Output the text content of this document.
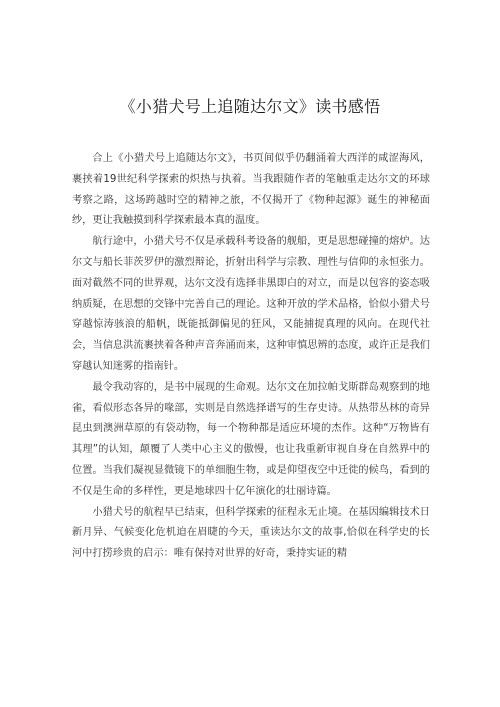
《小猎犬号上追随达尔文》读书感悟

合上《小猎犬号上追随达尔文》，书页间似乎仍翻涌着大西洋的咸涩海风，裹挟着19世纪科学探索的炽热与执着。当我跟随作者的笔触重走达尔文的环球考察之路，这场跨越时空的精神之旅，不仅揭开了《物种起源》诞生的神秘面纱，更让我触摸到科学探索最本真的温度。

航行途中，小猎犬号不仅是承载科考设备的舰船，更是思想碰撞的熔炉。达尔文与船长菲茨罗伊的激烈辩论，折射出科学与宗教、理性与信仰的永恒张力。面对截然不同的世界观，达尔文没有选择非黑即白的对立，而是以包容的姿态吸纳质疑，在思想的交锋中完善自己的理论。这种开放的学术品格，恰似小猎犬号穿越惊涛骇浪的船帆，既能抵御偏见的狂风，又能捕捉真理的风向。在现代社会，当信息洪流裹挟着各种声音奔涌而来，这种审慎思辨的态度，或许正是我们穿越认知迷雾的指南针。

最令我动容的，是书中展现的生命观。达尔文在加拉帕戈斯群岛观察到的地雀，看似形态各异的喙部，实则是自然选择谱写的生存史诗。从热带丛林的奇异昆虫到澳洲草原的有袋动物，每一个物种都是适应环境的杰作。这种“万物皆有其理”的认知，颠覆了人类中心主义的傲慢，也让我重新审视自身在自然界中的位置。当我们凝视显微镜下的单细胞生物，或是仰望夜空中迁徙的候鸟，看到的不仅是生命的多样性，更是地球四十亿年演化的壮丽诗篇。

小猎犬号的航程早已结束，但科学探索的征程永无止境。在基因编辑技术日新月异、气候变化危机迫在眉睫的今天，重读达尔文的故事,恰似在科学史的长河中打捞珍贵的启示：唯有保持对世界的好奇，秉持实证的精
